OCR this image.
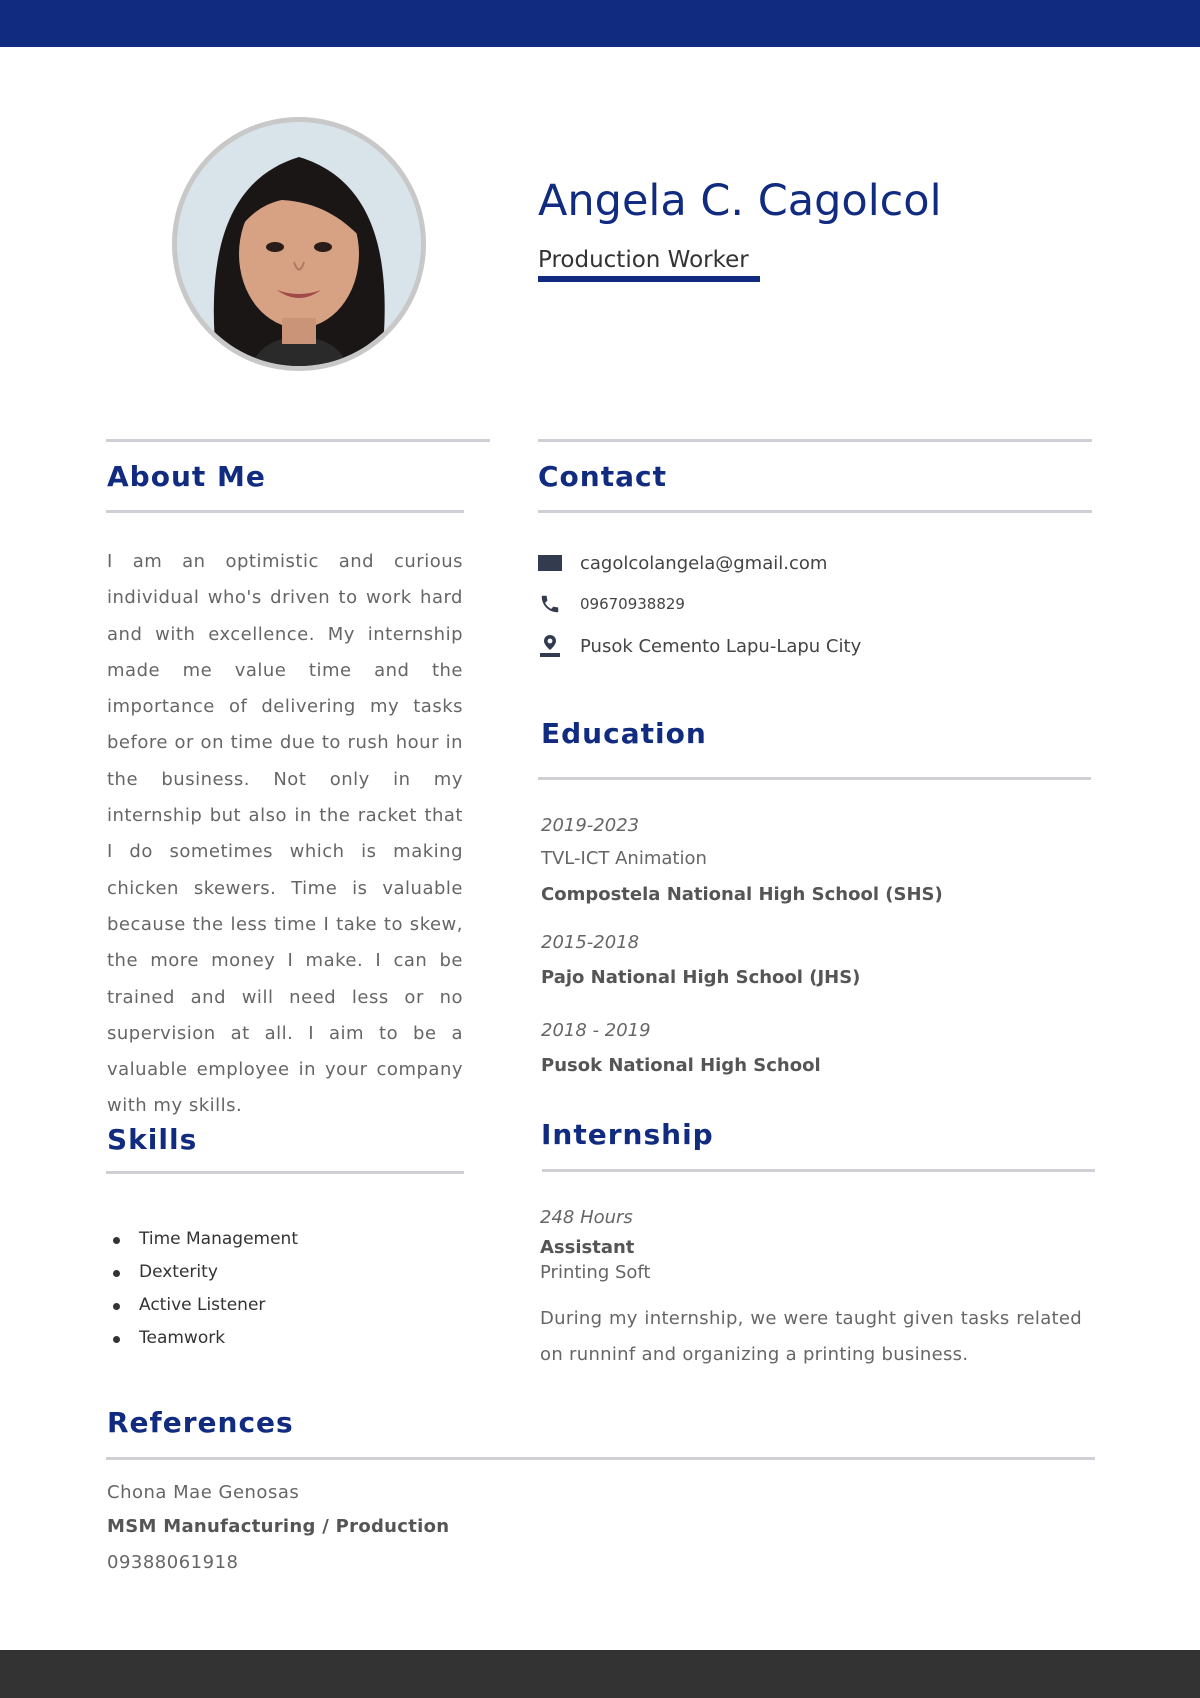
Angela C. Cagolcol
Production Worker
About Me
I am an optimistic and curious individual who's driven to work hard and with excellence. My internship made me value time and the importance of delivering my tasks before or on time due to rush hour in the business. Not only in my internship but also in the racket that I do sometimes which is making chicken skewers. Time is valuable because the less time I take to skew, the more money I make. I can be trained and will need less or no supervision at all. I aim to be a valuable employee in your company with my skills.
Contact
cagolcolangela@gmail.com
09670938829
Pusok Cemento Lapu-Lapu City
Education
2019-2023
TVL-ICT Animation
Compostela National High School (SHS)
2015-2018
Pajo National High School (JHS)
2018 - 2019
Pusok National High School
Skills
Time Management
Dexterity
Active Listener
Teamwork
Internship
248 Hours
Assistant
Printing Soft
During my internship, we were taught given tasks related on runninf and organizing a printing business.
References
Chona Mae Genosas
MSM Manufacturing / Production
09388061918
